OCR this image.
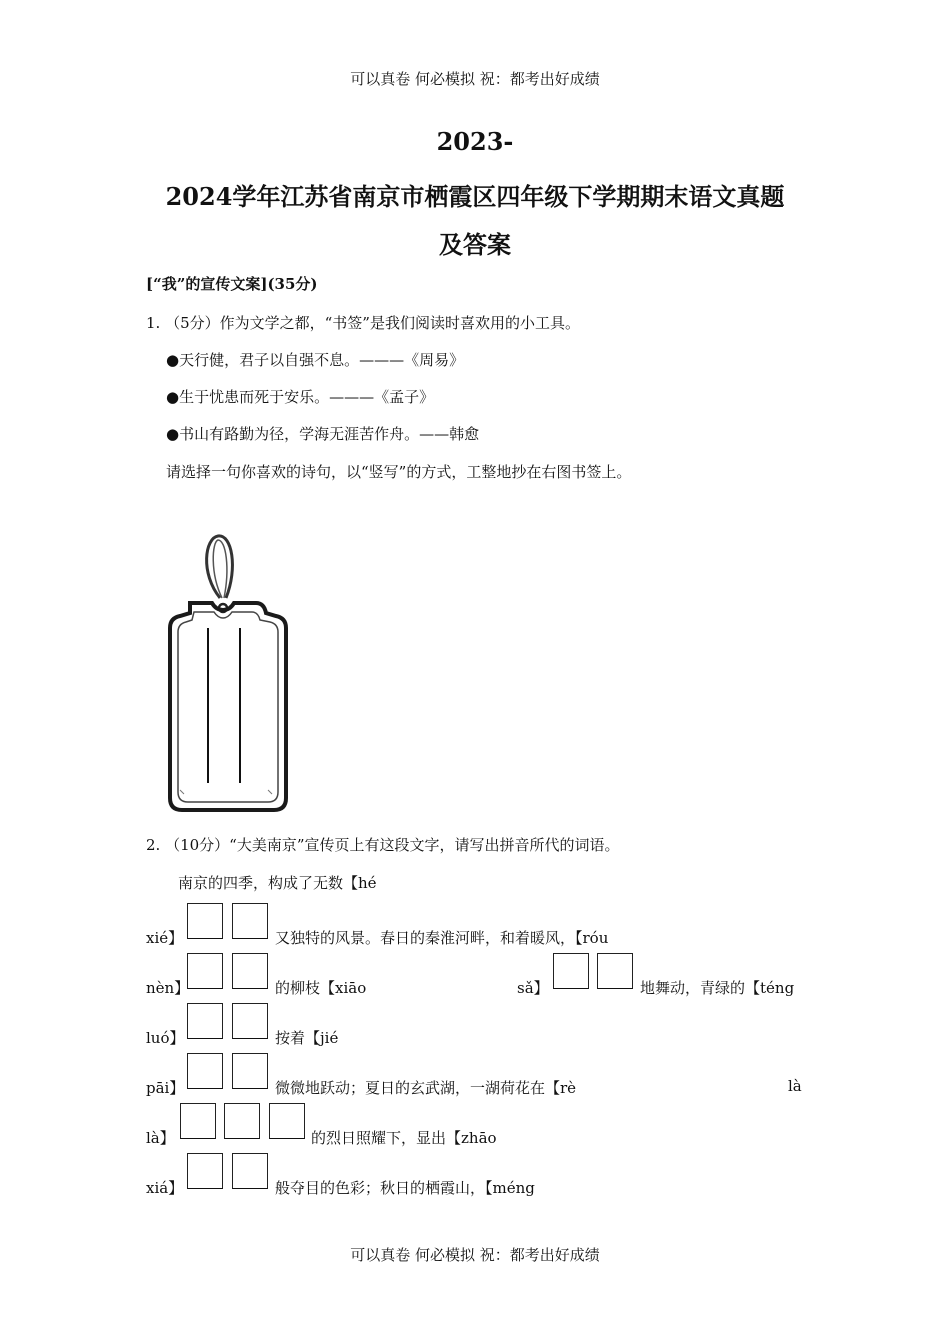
可以真卷 何必模拟 祝：都考出好成绩
2023-
2024学年江苏省南京市栖霞区四年级下学期期末语文真题
及答案
[“我”的宣传文案](35分)
1. （5分）作为文学之都，“书签”是我们阅读时喜欢用的小工具。
●天行健，君子以自强不息。———《周易》
●生于忧患而死于安乐。———《孟子》
●书山有路勤为径，学海无涯苦作舟。——韩愈
请选择一句你喜欢的诗句，以“竖写”的方式，工整地抄在右图书签上。
2. （10分）“大美南京”宣传页上有这段文字，请写出拼音所代的词语。
南京的四季，构成了无数【hé
xié】	又独特的风景。春日的秦淮河畔，和着暖风，【róu
nèn】	的柳枝【xiāo	sǎ】	地舞动，青绿的【téng
luó】	按着【jié
pāi】	微微地跃动；夏日的玄武湖，一湖荷花在【rè	là
là】	的烈日照耀下，显出【zhāo
xiá】	般夺目的色彩；秋日的栖霞山，【méng
可以真卷 何必模拟 祝：都考出好成绩
